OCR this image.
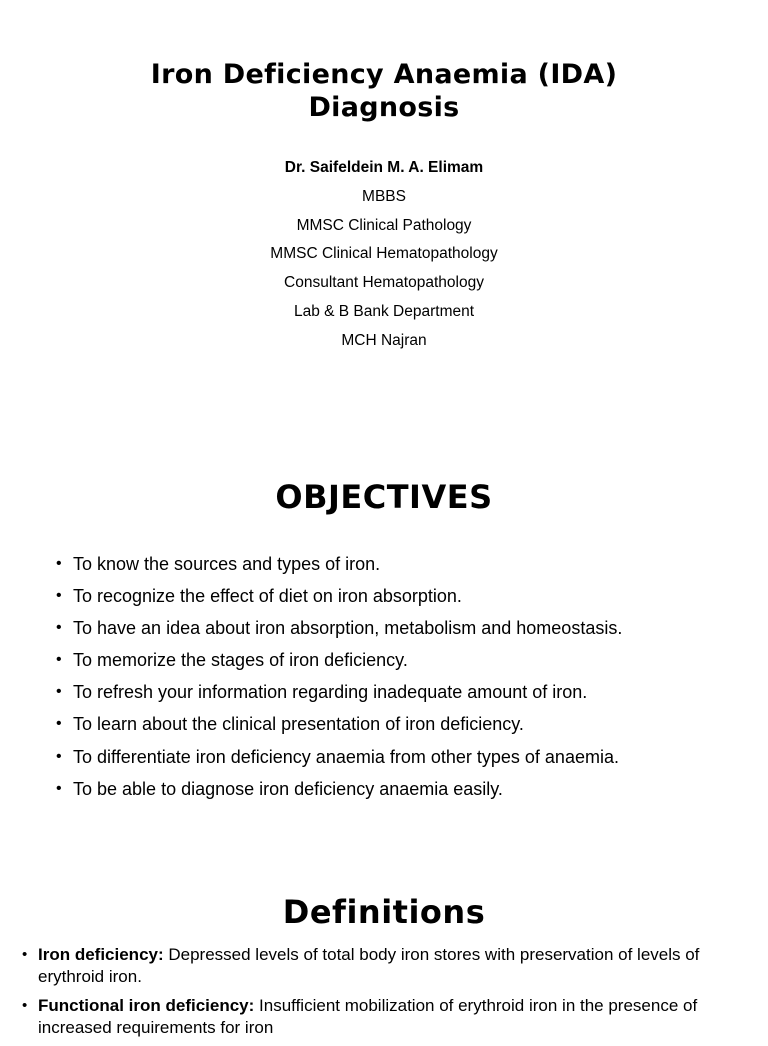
Iron Deficiency Anaemia (IDA)
Diagnosis
Dr. Saifeldein M. A. Elimam
MBBS
MMSC Clinical Pathology
MMSC Clinical Hematopathology
Consultant Hematopathology
Lab & B Bank Department
MCH Najran
OBJECTIVES
• To know the sources and types of iron.
• To recognize the effect of diet on iron absorption.
• To have an idea about iron absorption, metabolism and homeostasis.
• To memorize the stages of iron deficiency.
• To refresh your information regarding inadequate amount of iron.
• To learn about the clinical presentation of iron deficiency.
• To differentiate iron deficiency anaemia from other types of anaemia.
• To be able to diagnose iron deficiency anaemia easily.
Definitions
• Iron deficiency: Depressed levels of total body iron stores with preservation of levels of erythroid iron.
• Functional iron deficiency: Insufficient mobilization of erythroid iron in the presence of increased requirements for iron
